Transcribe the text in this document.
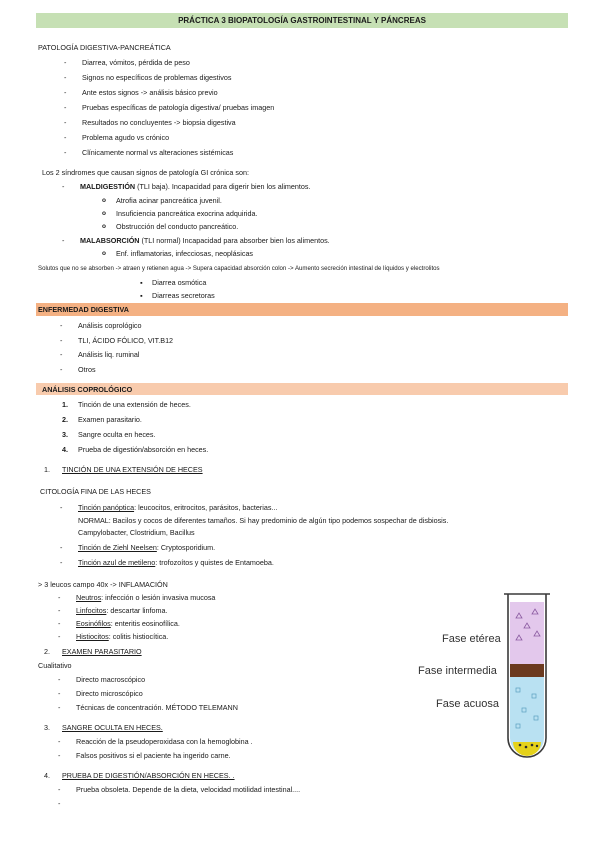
PRÁCTICA 3 BIOPATOLOGÍA GASTROINTESTINAL Y PÁNCREAS
PATOLOGÍA DIGESTIVA-PANCREÁTICA
- Diarrea, vómitos, pérdida de peso
- Signos no específicos de problemas digestivos
- Ante estos signos -> análisis básico previo
- Pruebas específicas de patología digestiva/ pruebas imagen
- Resultados no concluyentes -> biopsia digestiva
- Problema agudo vs crónico
- Clínicamente normal vs alteraciones sistémicas
Los 2 síndromes que causan signos de patología GI crónica son:
- MALDIGESTIÓN (TLI baja). Incapacidad para digerir bien los alimentos.
o Atrofia acinar pancreática juvenil.
o Insuficiencia pancreática exocrina adquirida.
o Obstrucción del conducto pancreático.
- MALABSORCIÓN (TLI normal) Incapacidad para absorber bien los alimentos.
o Enf. inflamatorias, infecciosas, neoplásicas
Solutos que no se absorben -> atraen y retienen agua -> Supera capacidad absorción colon -> Aumento secreción intestinal de líquidos y electrolitos
▪ Diarrea osmótica
▪ Diarreas secretoras
ENFERMEDAD DIGESTIVA
- Análisis coprológico
- TLI, ÁCIDO FÓLICO, VIT.B12
- Análisis liq. ruminal
- Otros
ANÁLISIS COPROLÓGICO
1. Tinción de una extensión de heces.
2. Examen parasitario.
3. Sangre oculta en heces.
4. Prueba de digestión/absorción en heces.
1. TINCIÓN DE UNA EXTENSIÓN DE HECES
CITOLOGÍA FINA DE LAS HECES
- Tinción panóptica: leucocitos, eritrocitos, parásitos, bacterias...
NORMAL: Bacilos y cocos de diferentes tamaños. Si hay predominio de algún tipo podemos sospechar de disbiosis.
Campylobacter, Clostridium, Bacillus
- Tinción de Ziehl Neelsen: Cryptosporidium.
- Tinción azul de metileno: trofozoítos y quistes de Entamoeba.
> 3 leucos campo 40x -> INFLAMACIÓN
- Neutros: infección o lesión invasiva mucosa
- Linfocitos: descartar linfoma.
- Eosinófilos: enteritis eosinofílica.
- Histiocitos: colitis histiocítica.
2. EXAMEN PARASITARIO
Cualitativo
- Directo macroscópico
- Directo microscópico
- Técnicas de concentración. MÉTODO TELEMANN
3. SANGRE OCULTA EN HECES.
- Reacción de la pseudoperoxidasa con la hemoglobina .
- Falsos positivos si el paciente ha ingerido carne.
4. PRUEBA DE DIGESTIÓN/ABSORCIÓN EN HECES. .
- Prueba obsoleta. Depende de la dieta, velocidad motilidad intestinal....
Fase etérea
Fase intermedia
Fase acuosa
